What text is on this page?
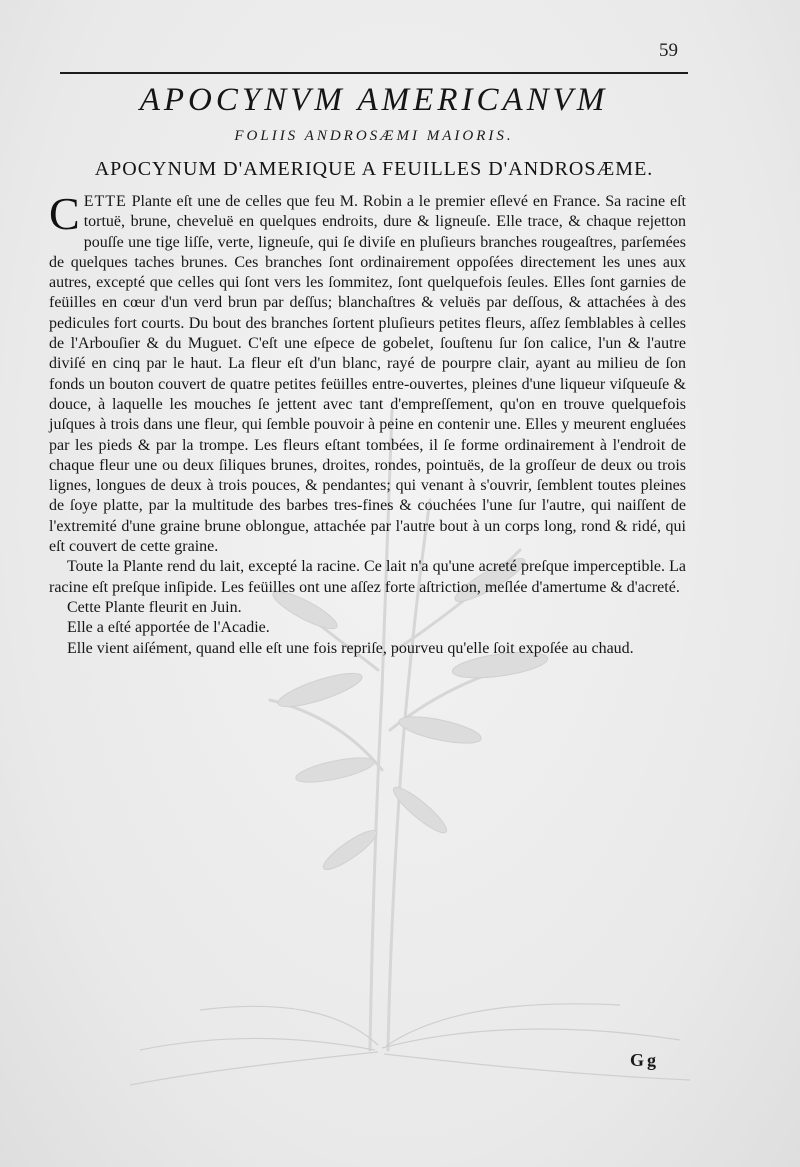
59
APOCYNVM AMERICANVM
FOLIIS ANDROSÆMI MAIORIS.
APOCYNUM D'AMERIQUE A FEUILLES D'ANDROSÆME.

CETTE Plante eſt une de celles que feu M. Robin a le premier eſlevé en France. Sa racine eſt tortuë, brune, cheveluë en quelques endroits, dure & ligneuſe. Elle trace, & chaque rejetton pouſſe une tige liſſe, verte, ligneuſe, qui ſe diviſe en pluſieurs branches rougeaſtres, parſemées de quelques taches brunes. Ces branches ſont ordinairement oppoſées directement les unes aux autres, excepté que celles qui ſont vers les ſommitez, ſont quelquefois ſeules. Elles ſont garnies de feüilles en cœur d'un verd brun par deſſus; blanchaſtres & veluës par deſſous, & attachées à des pedicules fort courts. Du bout des branches ſortent pluſieurs petites fleurs, aſſez ſemblables à celles de l'Arbouſier & du Muguet. C'eſt une eſpece de gobelet, ſouſtenu ſur ſon calice, l'un & l'autre diviſé en cinq par le haut. La fleur eſt d'un blanc, rayé de pourpre clair, ayant au milieu de ſon fonds un bouton couvert de quatre petites feüilles entre-ouvertes, pleines d'une liqueur viſqueuſe & douce, à laquelle les mouches ſe jettent avec tant d'empreſſement, qu'on en trouve quelquefois juſques à trois dans une fleur, qui ſemble pouvoir à peine en contenir une. Elles y meurent engluées par les pieds & par la trompe. Les fleurs eſtant tombées, il ſe forme ordinairement à l'endroit de chaque fleur une ou deux ſiliques brunes, droites, rondes, pointuës, de la groſſeur de deux ou trois lignes, longues de deux à trois pouces, & pendantes; qui venant à s'ouvrir, ſemblent toutes pleines de ſoye platte, par la multitude des barbes tres-fines & couchées l'une ſur l'autre, qui naiſſent de l'extremité d'une graine brune oblongue, attachée par l'autre bout à un corps long, rond & ridé, qui eſt couvert de cette graine.

Toute la Plante rend du lait, excepté la racine. Ce lait n'a qu'une acreté preſque imperceptible. La racine eſt preſque inſipide. Les feüilles ont une aſſez forte aſtriction, meſlée d'amertume & d'acreté.

Cette Plante fleurit en Juin.

Elle a eſté apportée de l'Acadie.

Elle vient aiſément, quand elle eſt une fois repriſe, pourveu qu'elle ſoit expoſée au chaud.

Gg
